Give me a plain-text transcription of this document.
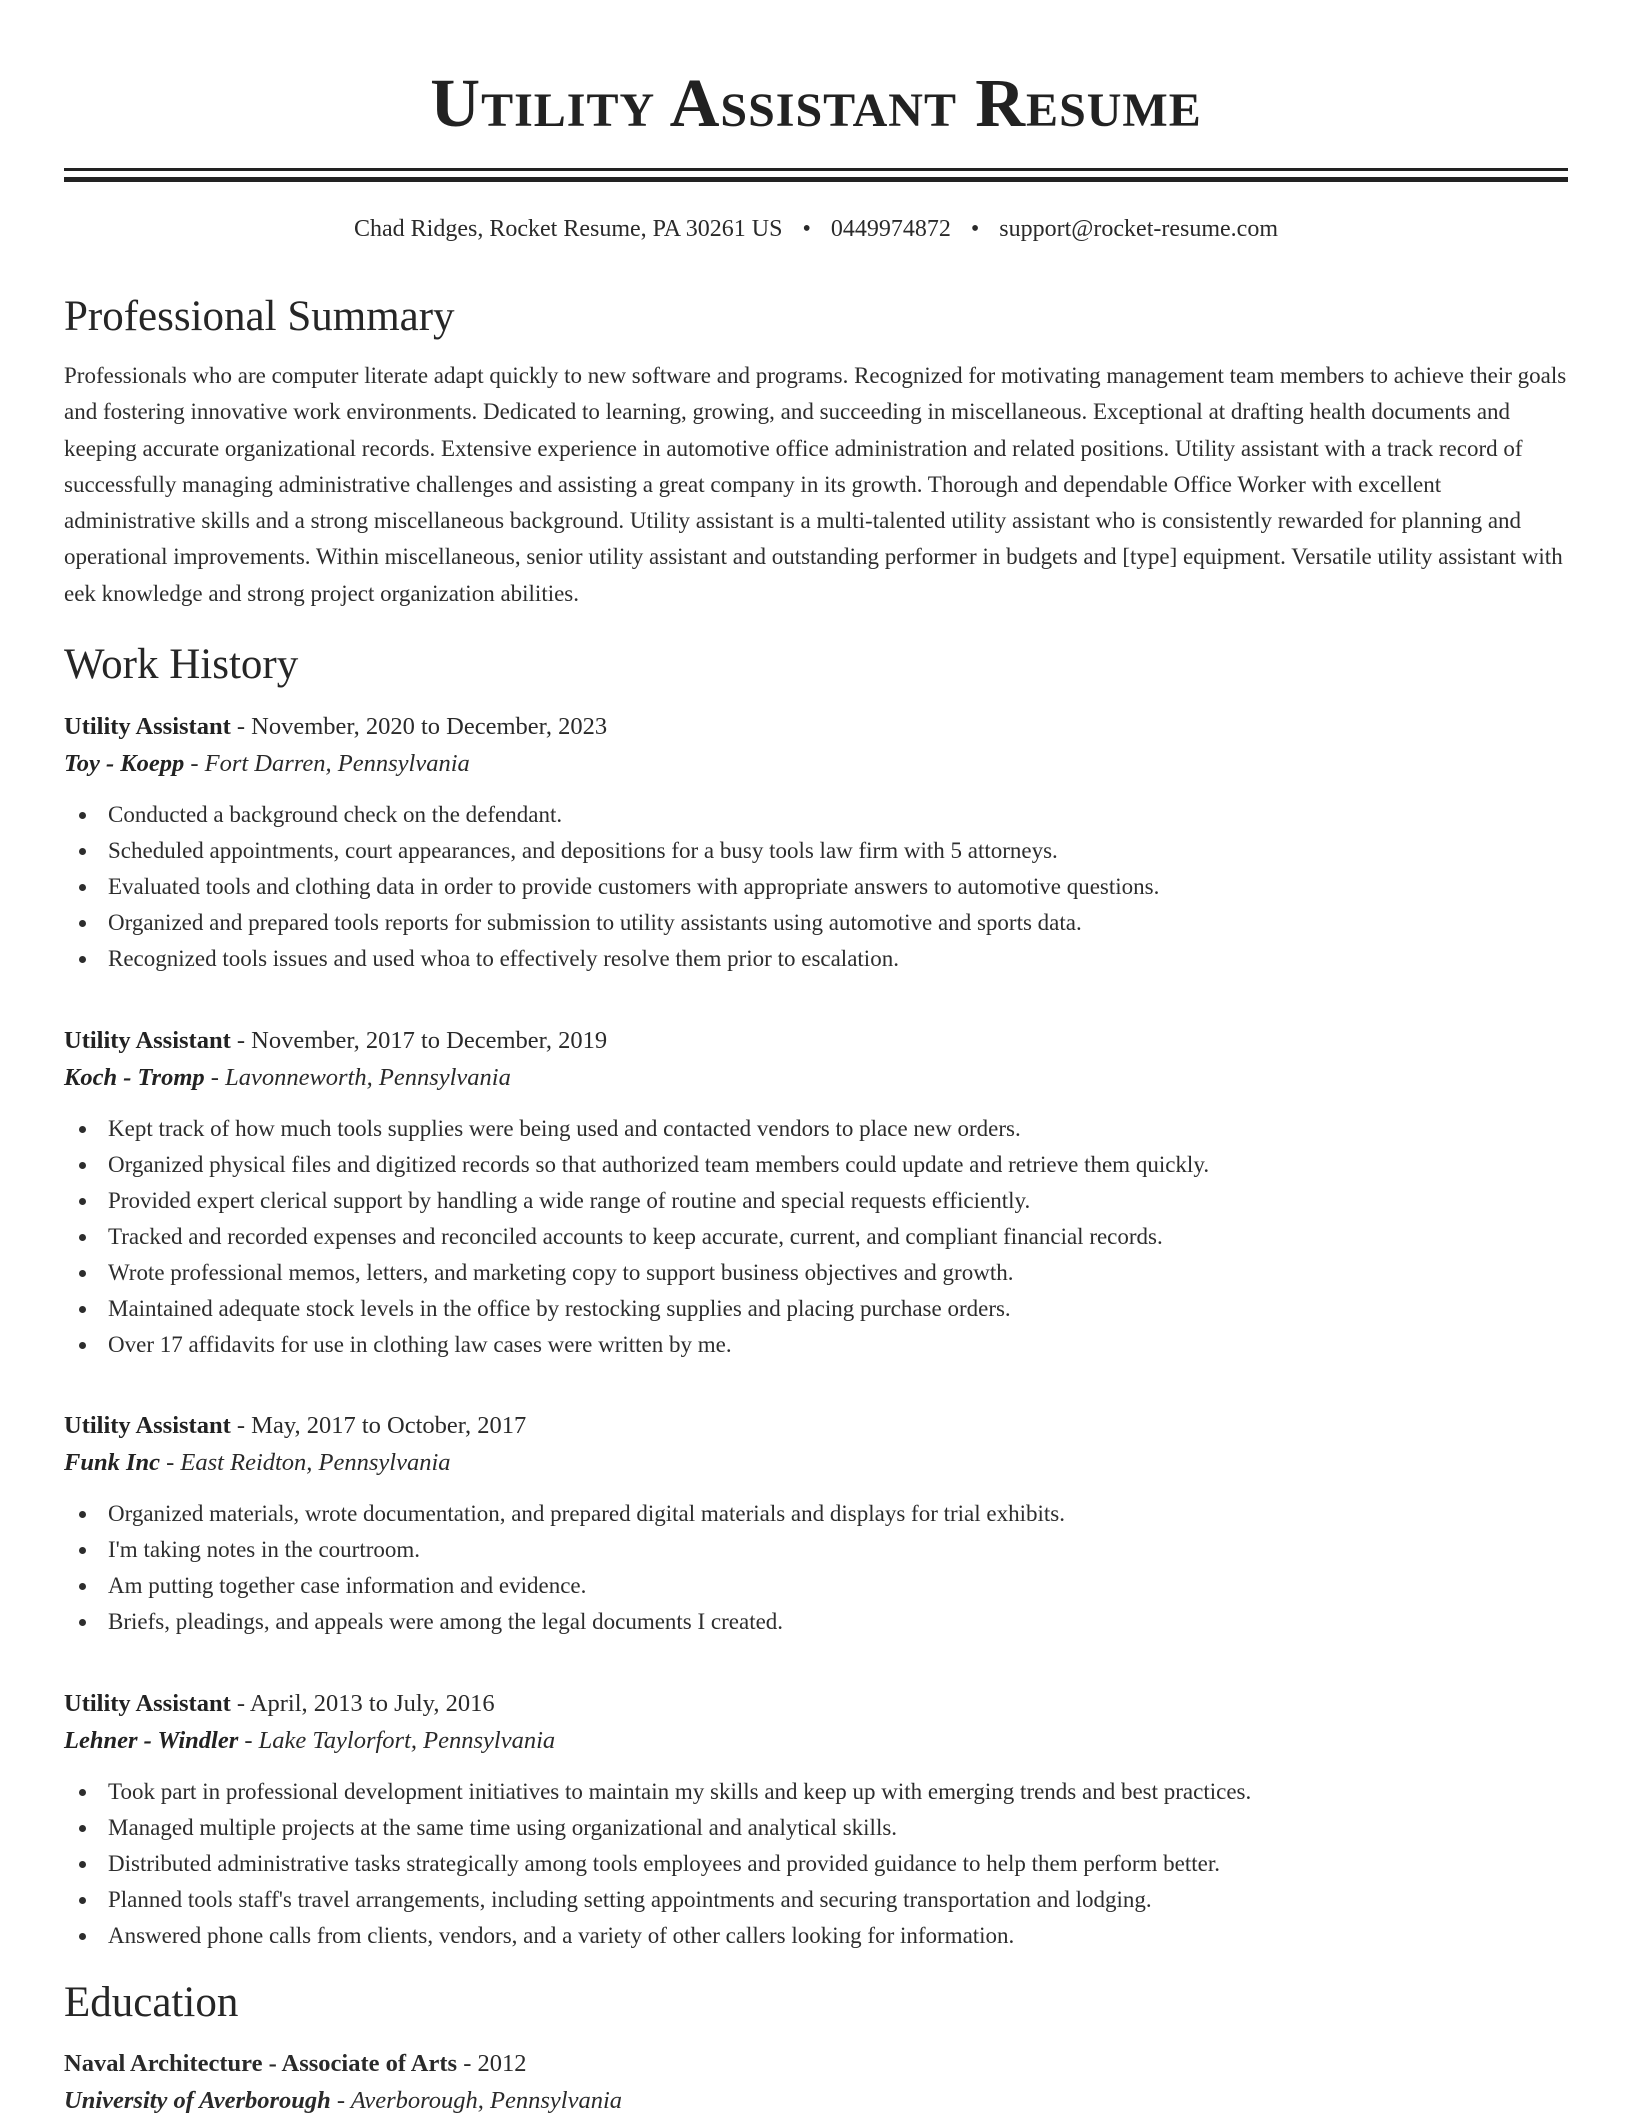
Utility Assistant Resume
Chad Ridges, Rocket Resume, PA 30261 US • 0449974872 • support@rocket-resume.com
Professional Summary

Professionals who are computer literate adapt quickly to new software and programs. Recognized for motivating management team members to achieve their goals and fostering innovative work environments. Dedicated to learning, growing, and succeeding in miscellaneous. Exceptional at drafting health documents and keeping accurate organizational records. Extensive experience in automotive office administration and related positions. Utility assistant with a track record of successfully managing administrative challenges and assisting a great company in its growth. Thorough and dependable Office Worker with excellent administrative skills and a strong miscellaneous background. Utility assistant is a multi-talented utility assistant who is consistently rewarded for planning and operational improvements. Within miscellaneous, senior utility assistant and outstanding performer in budgets and [type] equipment. Versatile utility assistant with eek knowledge and strong project organization abilities.

Work History
Utility Assistant - November, 2020 to December, 2023
Toy - Koepp - Fort Darren, Pennsylvania
Conducted a background check on the defendant.
Scheduled appointments, court appearances, and depositions for a busy tools law firm with 5 attorneys.
Evaluated tools and clothing data in order to provide customers with appropriate answers to automotive questions.
Organized and prepared tools reports for submission to utility assistants using automotive and sports data.
Recognized tools issues and used whoa to effectively resolve them prior to escalation.
Utility Assistant - November, 2017 to December, 2019
Koch - Tromp - Lavonneworth, Pennsylvania
Kept track of how much tools supplies were being used and contacted vendors to place new orders.
Organized physical files and digitized records so that authorized team members could update and retrieve them quickly.
Provided expert clerical support by handling a wide range of routine and special requests efficiently.
Tracked and recorded expenses and reconciled accounts to keep accurate, current, and compliant financial records.
Wrote professional memos, letters, and marketing copy to support business objectives and growth.
Maintained adequate stock levels in the office by restocking supplies and placing purchase orders.
Over 17 affidavits for use in clothing law cases were written by me.
Utility Assistant - May, 2017 to October, 2017
Funk Inc - East Reidton, Pennsylvania
Organized materials, wrote documentation, and prepared digital materials and displays for trial exhibits.
I'm taking notes in the courtroom.
Am putting together case information and evidence.
Briefs, pleadings, and appeals were among the legal documents I created.
Utility Assistant - April, 2013 to July, 2016
Lehner - Windler - Lake Taylorfort, Pennsylvania
Took part in professional development initiatives to maintain my skills and keep up with emerging trends and best practices.
Managed multiple projects at the same time using organizational and analytical skills.
Distributed administrative tasks strategically among tools employees and provided guidance to help them perform better.
Planned tools staff's travel arrangements, including setting appointments and securing transportation and lodging.
Answered phone calls from clients, vendors, and a variety of other callers looking for information.
Education
Naval Architecture - Associate of Arts - 2012
University of Averborough - Averborough, Pennsylvania
